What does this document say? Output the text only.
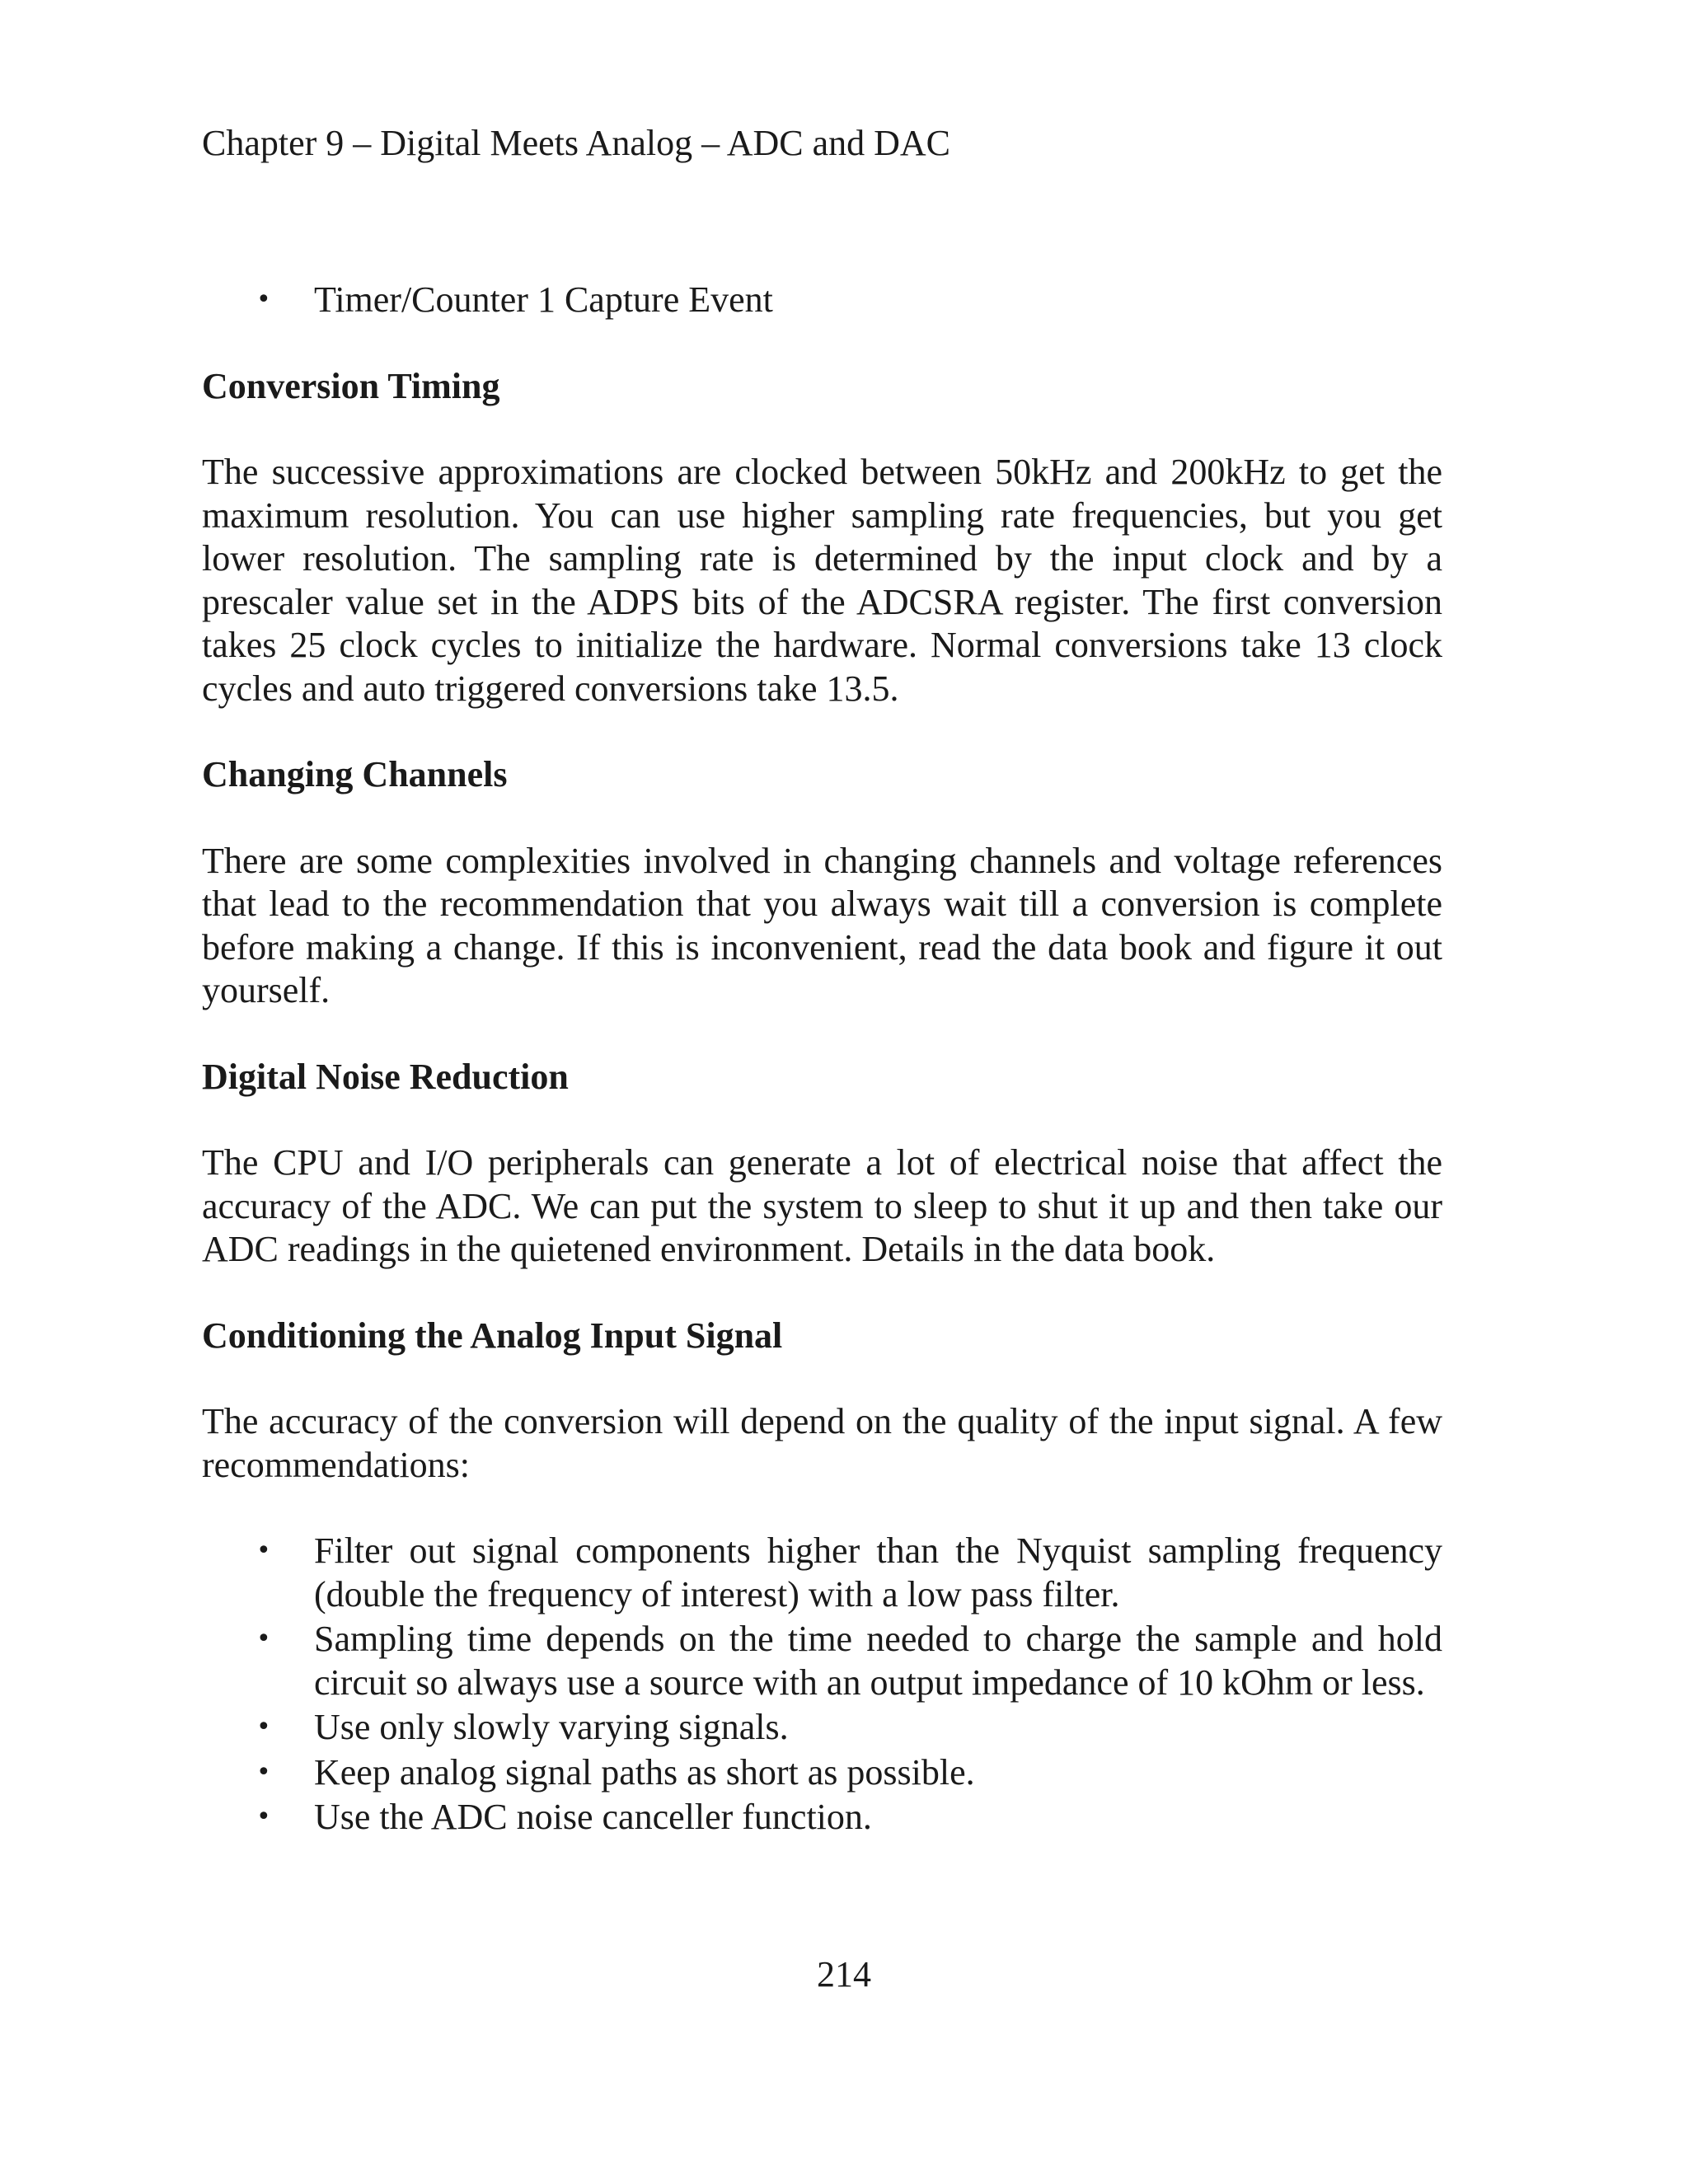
Chapter 9 – Digital Meets Analog – ADC and DAC
• Timer/Counter 1 Capture Event
Conversion Timing

The successive approximations are clocked between 50kHz and 200kHz to get the maximum resolution. You can use higher sampling rate frequencies, but you get lower resolution. The sampling rate is determined by the input clock and by a prescaler value set in the ADPS bits of the ADCSRA register. The first conversion takes 25 clock cycles to initialize the hardware. Normal conversions take 13 clock cycles and auto triggered conversions take 13.5.

Changing Channels

There are some complexities involved in changing channels and voltage references that lead to the recommendation that you always wait till a conversion is complete before making a change. If this is inconvenient, read the data book and figure it out yourself.

Digital Noise Reduction

The CPU and I/O peripherals can generate a lot of electrical noise that affect the accuracy of the ADC. We can put the system to sleep to shut it up and then take our ADC readings in the quietened environment. Details in the data book.

Conditioning the Analog Input Signal

The accuracy of the conversion will depend on the quality of the input signal. A few recommendations:

• Filter out signal components higher than the Nyquist sampling frequency (double the frequency of interest) with a low pass filter.
• Sampling time depends on the time needed to charge the sample and hold circuit so always use a source with an output impedance of 10 kOhm or less.
• Use only slowly varying signals.
• Keep analog signal paths as short as possible.
• Use the ADC noise canceller function.
214
